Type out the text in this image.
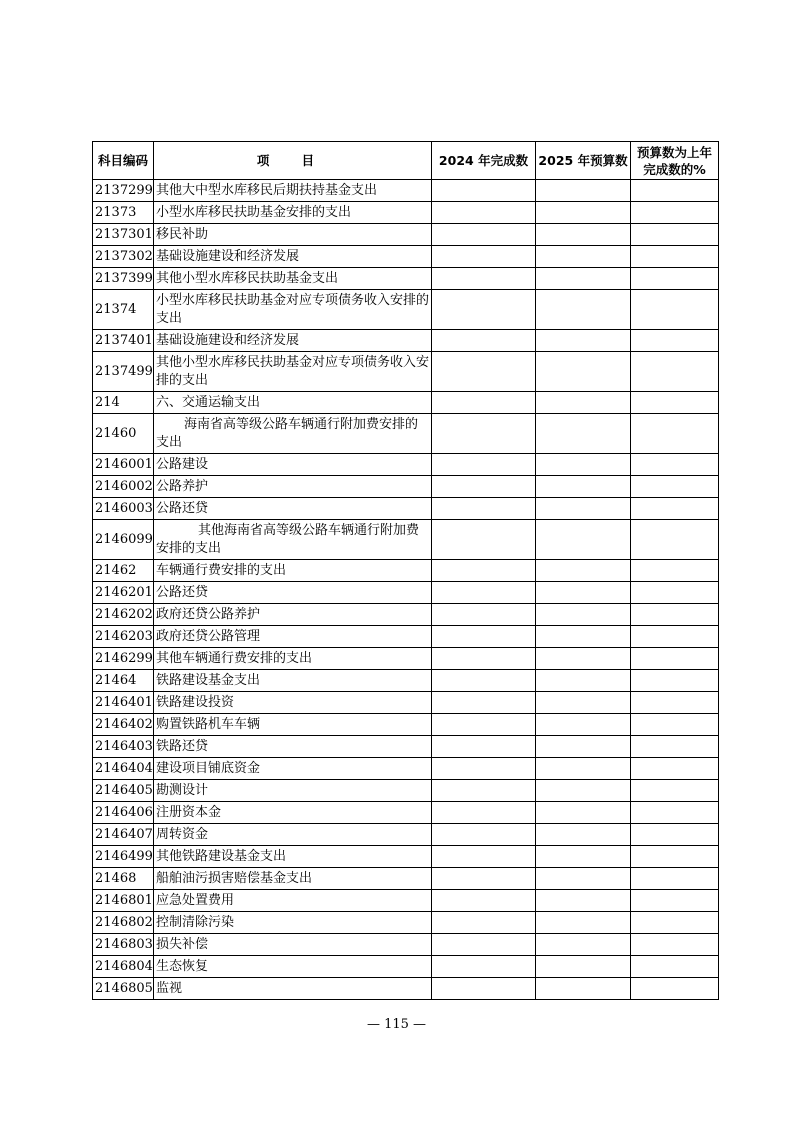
科目编码	项 目	2024 年完成数	2025 年预算数	预算数为上年完成数的%
2137299	其他大中型水库移民后期扶持基金支出			
21373	小型水库移民扶助基金安排的支出			
2137301	移民补助			
2137302	基础设施建设和经济发展			
2137399	其他小型水库移民扶助基金支出			
21374	小型水库移民扶助基金对应专项债务收入安排的支出			
2137401	基础设施建设和经济发展			
2137499	其他小型水库移民扶助基金对应专项债务收入安排的支出			
214	六、交通运输支出			
21460	海南省高等级公路车辆通行附加费安排的支出			
2146001	公路建设			
2146002	公路养护			
2146003	公路还贷			
2146099	其他海南省高等级公路车辆通行附加费安排的支出			
21462	车辆通行费安排的支出			
2146201	公路还贷			
2146202	政府还贷公路养护			
2146203	政府还贷公路管理			
2146299	其他车辆通行费安排的支出			
21464	铁路建设基金支出			
2146401	铁路建设投资			
2146402	购置铁路机车车辆			
2146403	铁路还贷			
2146404	建设项目铺底资金			
2146405	勘测设计			
2146406	注册资本金			
2146407	周转资金			
2146499	其他铁路建设基金支出			
21468	船舶油污损害赔偿基金支出			
2146801	应急处置费用			
2146802	控制清除污染			
2146803	损失补偿			
2146804	生态恢复			
2146805	监视			
— 115 —
